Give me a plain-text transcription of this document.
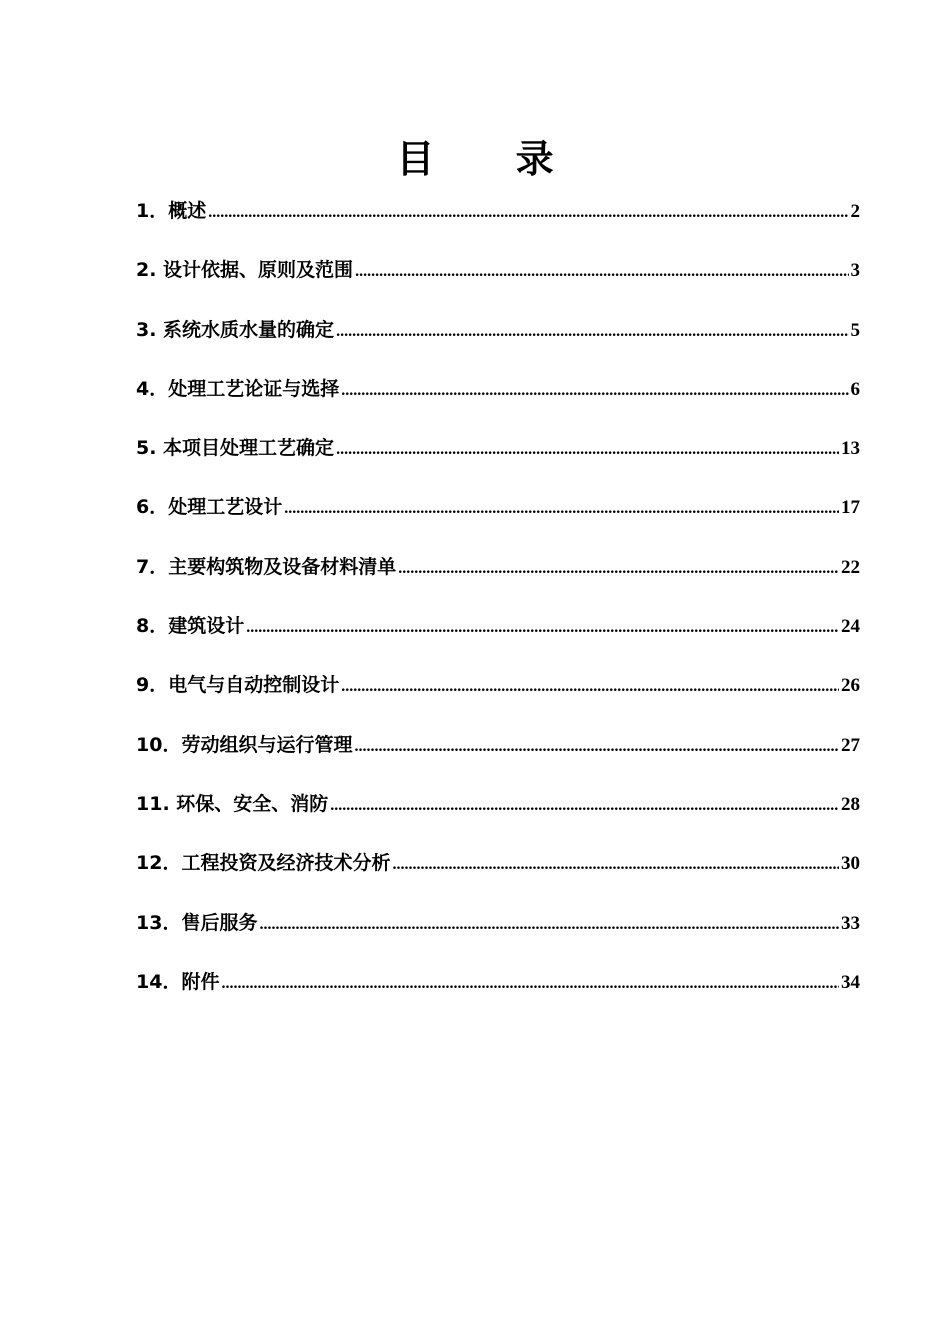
目 录
1．概述 .....	2
2. 设计依据、原则及范围 .....	3
3. 系统水质水量的确定 .....	5
4．处理工艺论证与选择 .....	6
5. 本项目处理工艺确定 .....	13
6．处理工艺设计 .....	17
7．主要构筑物及设备材料清单 .....	22
8．建筑设计 .....	24
9．电气与自动控制设计 .....	26
10．劳动组织与运行管理 .....	27
11. 环保、安全、消防 .....	28
12．工程投资及经济技术分析 .....	30
13．售后服务 .....	33
14．附件 .....	34
